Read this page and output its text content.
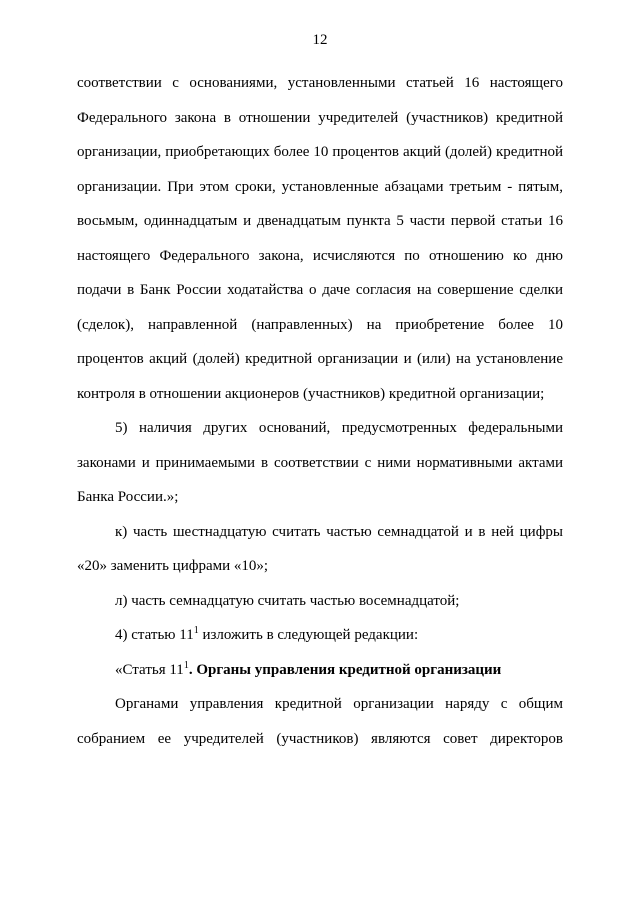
12
соответствии с основаниями, установленными статьей 16 настоящего
Федерального закона в отношении учредителей (участников) кредитной
организации, приобретающих более 10 процентов акций (долей) кредитной
организации. При этом сроки, установленные абзацами третьим - пятым,
восьмым, одиннадцатым и двенадцатым пункта 5 части первой статьи 16
настоящего Федерального закона, исчисляются по отношению ко дню
подачи в Банк России ходатайства о даче согласия на совершение сделки
(сделок), направленной (направленных) на приобретение более 10
процентов акций (долей) кредитной организации и (или) на установление
контроля в отношении акционеров (участников) кредитной организации;
5) наличия других оснований, предусмотренных федеральными
законами и принимаемыми в соответствии с ними нормативными актами
Банка России.»;
к) часть шестнадцатую считать частью семнадцатой и в ней цифры
«20» заменить цифрами «10»;
л) часть семнадцатую считать частью восемнадцатой;
4) статью $11^1$ изложить в следующей редакции:
«Статья $11^1$. Органы управления кредитной организации
Органами управления кредитной организации наряду с общим
собранием ее учредителей (участников) являются совет директоров
